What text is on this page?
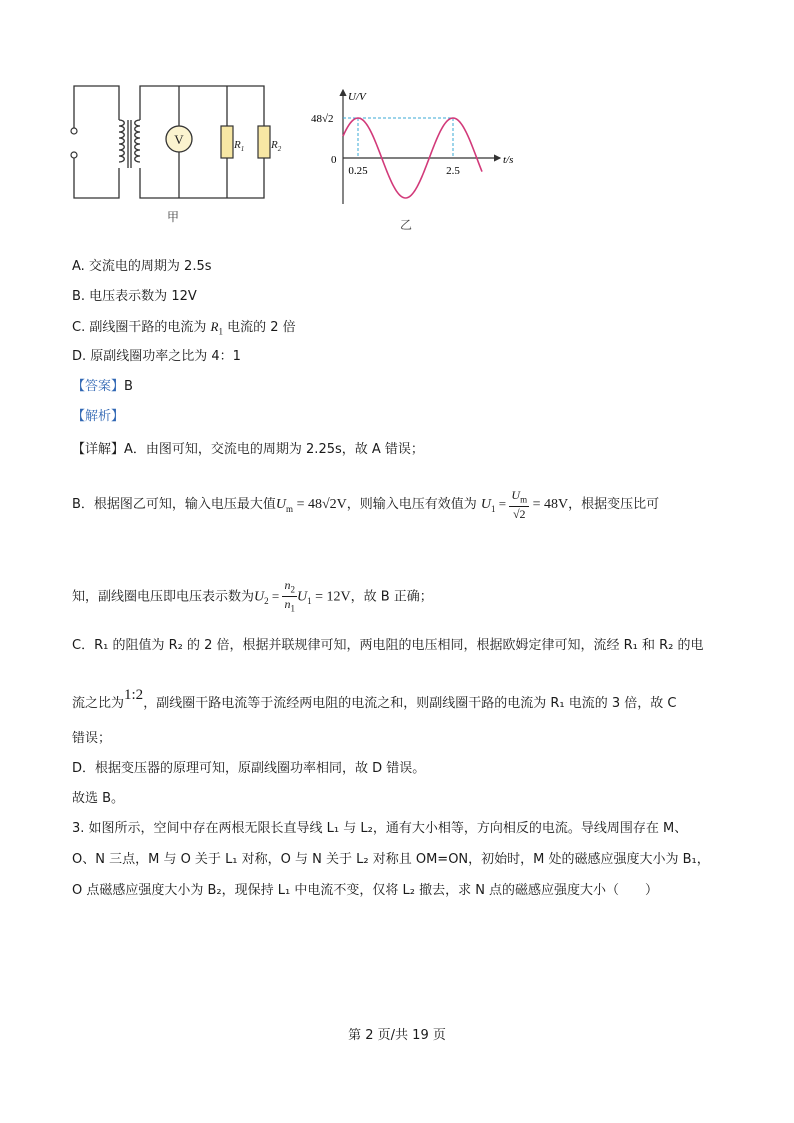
V	$R_1$ $R_2$
甲
U/V
t/s
48√2
0
0.25	2.5
乙
A. 交流电的周期为 2.5s
B. 电压表示数为 12V
C. 副线圈干路的电流为 $R_1$ 电流的 2 倍
D. 原副线圈功率之比为 4：1
【答案】B
【解析】
【详解】A．由图可知，交流电的周期为 2.25s，故 A 错误；
B．根据图乙可知，输入电压最大值$U_m = 48√2V$，则输入电压有效值为 $U_1 = \frac{U_m}{√2} = 48V$，根据变压比可
知，副线圈电压即电压表示数为$U_2 = \frac{n_2}{n_1} U_1 = 12V$，故 B 正确；
C．R₁ 的阻值为 R₂ 的 2 倍，根据并联规律可知，两电阻的电压相同，根据欧姆定律可知，流经 R₁ 和 R₂ 的电
流之比为1:2，副线圈干路电流等于流经两电阻的电流之和，则副线圈干路的电流为 R₁ 电流的 3 倍，故 C
错误；
D．根据变压器的原理可知，原副线圈功率相同，故 D 错误。
故选 B。
3. 如图所示，空间中存在两根无限长直导线 L₁ 与 L₂，通有大小相等，方向相反的电流。导线周围存在 M、
O、N 三点，M 与 O 关于 L₁ 对称，O 与 N 关于 L₂ 对称且 OM=ON，初始时，M 处的磁感应强度大小为 B₁，
O 点磁感应强度大小为 B₂，现保持 L₁ 中电流不变，仅将 L₂ 撤去，求 N 点的磁感应强度大小（　　）
第 2 页/共 19 页
